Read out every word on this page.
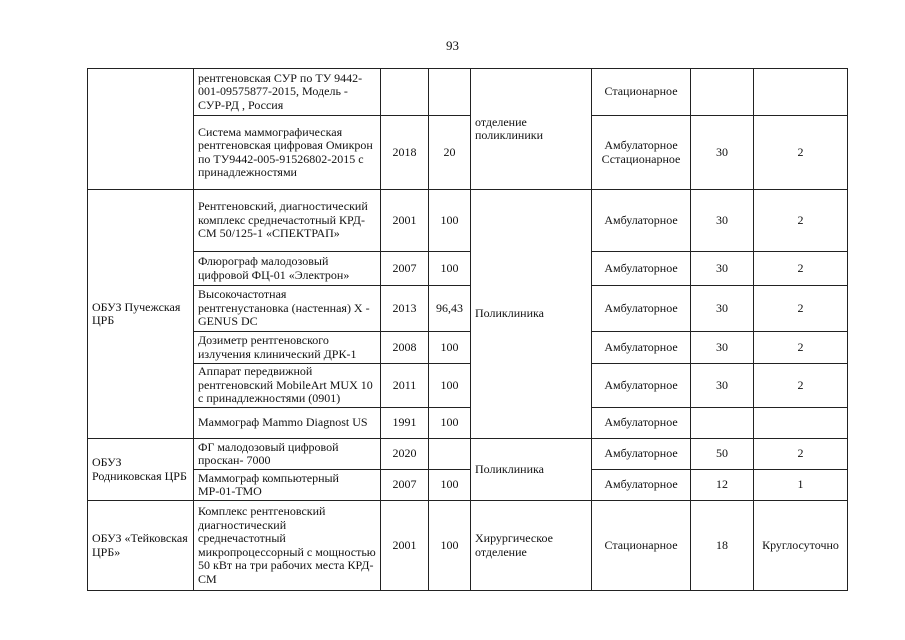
93
	рентгеновская СУР по ТУ 9442-001-09575877-2015, Модель - СУР-РД , Россия			отделение поликлиники	Стационарное		
	Система маммографическая рентгеновская цифровая Омикрон по ТУ9442-005-91526802-2015 с принадлежностями	2018	20		Амбулаторное Сстационарное	30	2
ОБУЗ Пучежская ЦРБ	Рентгеновский, диагностический комплекс среднечастотный КРД-СМ 50/125-1 «СПЕКТРАП»	2001	100	Поликлиника	Амбулаторное	30	2
	Флюрограф малодозовый цифровой ФЦ-01 «Электрон»	2007	100		Амбулаторное	30	2
	Высокочастотная рентгенустановка (настенная) X - GENUS DC	2013	96,43		Амбулаторное	30	2
	Дозиметр рентгеновского излучения клинический ДРК-1	2008	100		Амбулаторное	30	2
	Аппарат передвижной рентгеновский MobileArt MUX 10 с принадлежностями (0901)	2011	100		Амбулаторное	30	2
	Маммограф Mammo Diagnost US	1991	100		Амбулаторное		
ОБУЗ Родниковская ЦРБ	ФГ малодозовый цифровой проскан- 7000	2020		Поликлиника	Амбулаторное	50	2
	Маммограф компьютерный МР-01-ТМО	2007	100		Амбулаторное	12	1
ОБУЗ «Тейковская ЦРБ»	Комплекс рентгеновский диагностический среднечастотный микропроцессорный с мощностью 50 кВт на три рабочих места КРД-СМ	2001	100	Хирургическое отделение	Стационарное	18	Круглосуточно
